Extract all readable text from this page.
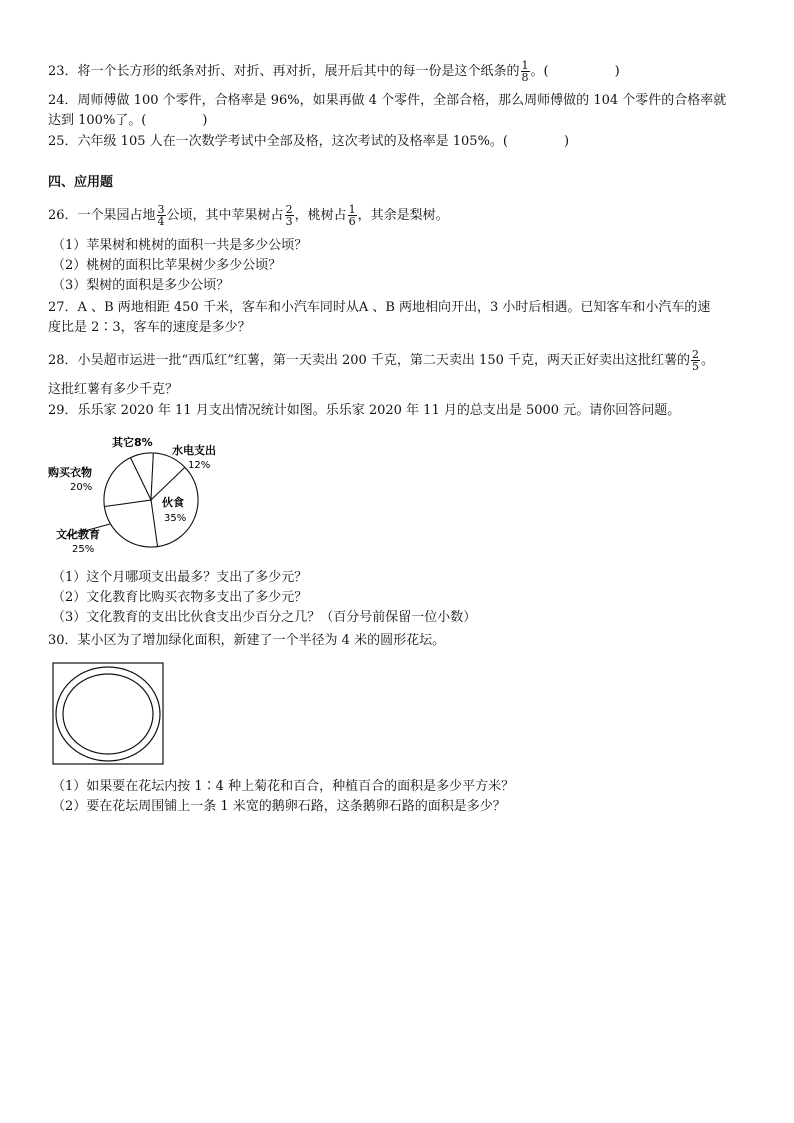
23．将一个长方形的纸条对折、对折、再对折，展开后其中的每一份是这个纸条的 $\frac{1}{8}$ 。(	)
24．周师傅做 100 个零件，合格率是 96%，如果再做 4 个零件，全部合格，那么周师傅做的 104 个零件的合格率就
达到 100%了。(	)
25．六年级 105 人在一次数学考试中全部及格，这次考试的及格率是 105%。(	)
四、应用题
26．一个果园占地 $\frac{3}{4}$ 公顷，其中苹果树占 $\frac{2}{3}$ ，桃树占 $\frac{1}{6}$ ，其余是梨树。
（1）苹果树和桃树的面积一共是多少公顷？
（2）桃树的面积比苹果树少多少公顷？
（3）梨树的面积是多少公顷？
27．A 、B 两地相距 450 千米，客车和小汽车同时从A 、B 两地相向开出，3 小时后相遇。已知客车和小汽车的速
度比是 2∶3，客车的速度是多少？
28．小吴超市运进一批“西瓜红”红薯，第一天卖出 200 千克，第二天卖出 150 千克，两天正好卖出这批红薯的 $\frac{2}{5}$ 。
这批红薯有多少千克？
29．乐乐家 2020 年 11 月支出情况统计如图。乐乐家 2020 年 11 月的总支出是 5000 元。请你回答问题。
其它8%
水电支出
12%
伙食
35%
文化教育
25%
购买衣物
20%
（1）这个月哪项支出最多？支出了多少元？
（2）文化教育比购买衣物多支出了多少元？
（3）文化教育的支出比伙食支出少百分之几？（百分号前保留一位小数）
30．某小区为了增加绿化面积，新建了一个半径为 4 米的圆形花坛。
（1）如果要在花坛内按 1∶4 种上菊花和百合，种植百合的面积是多少平方米？
（2）要在花坛周围铺上一条 1 米宽的鹅卵石路，这条鹅卵石路的面积是多少？
